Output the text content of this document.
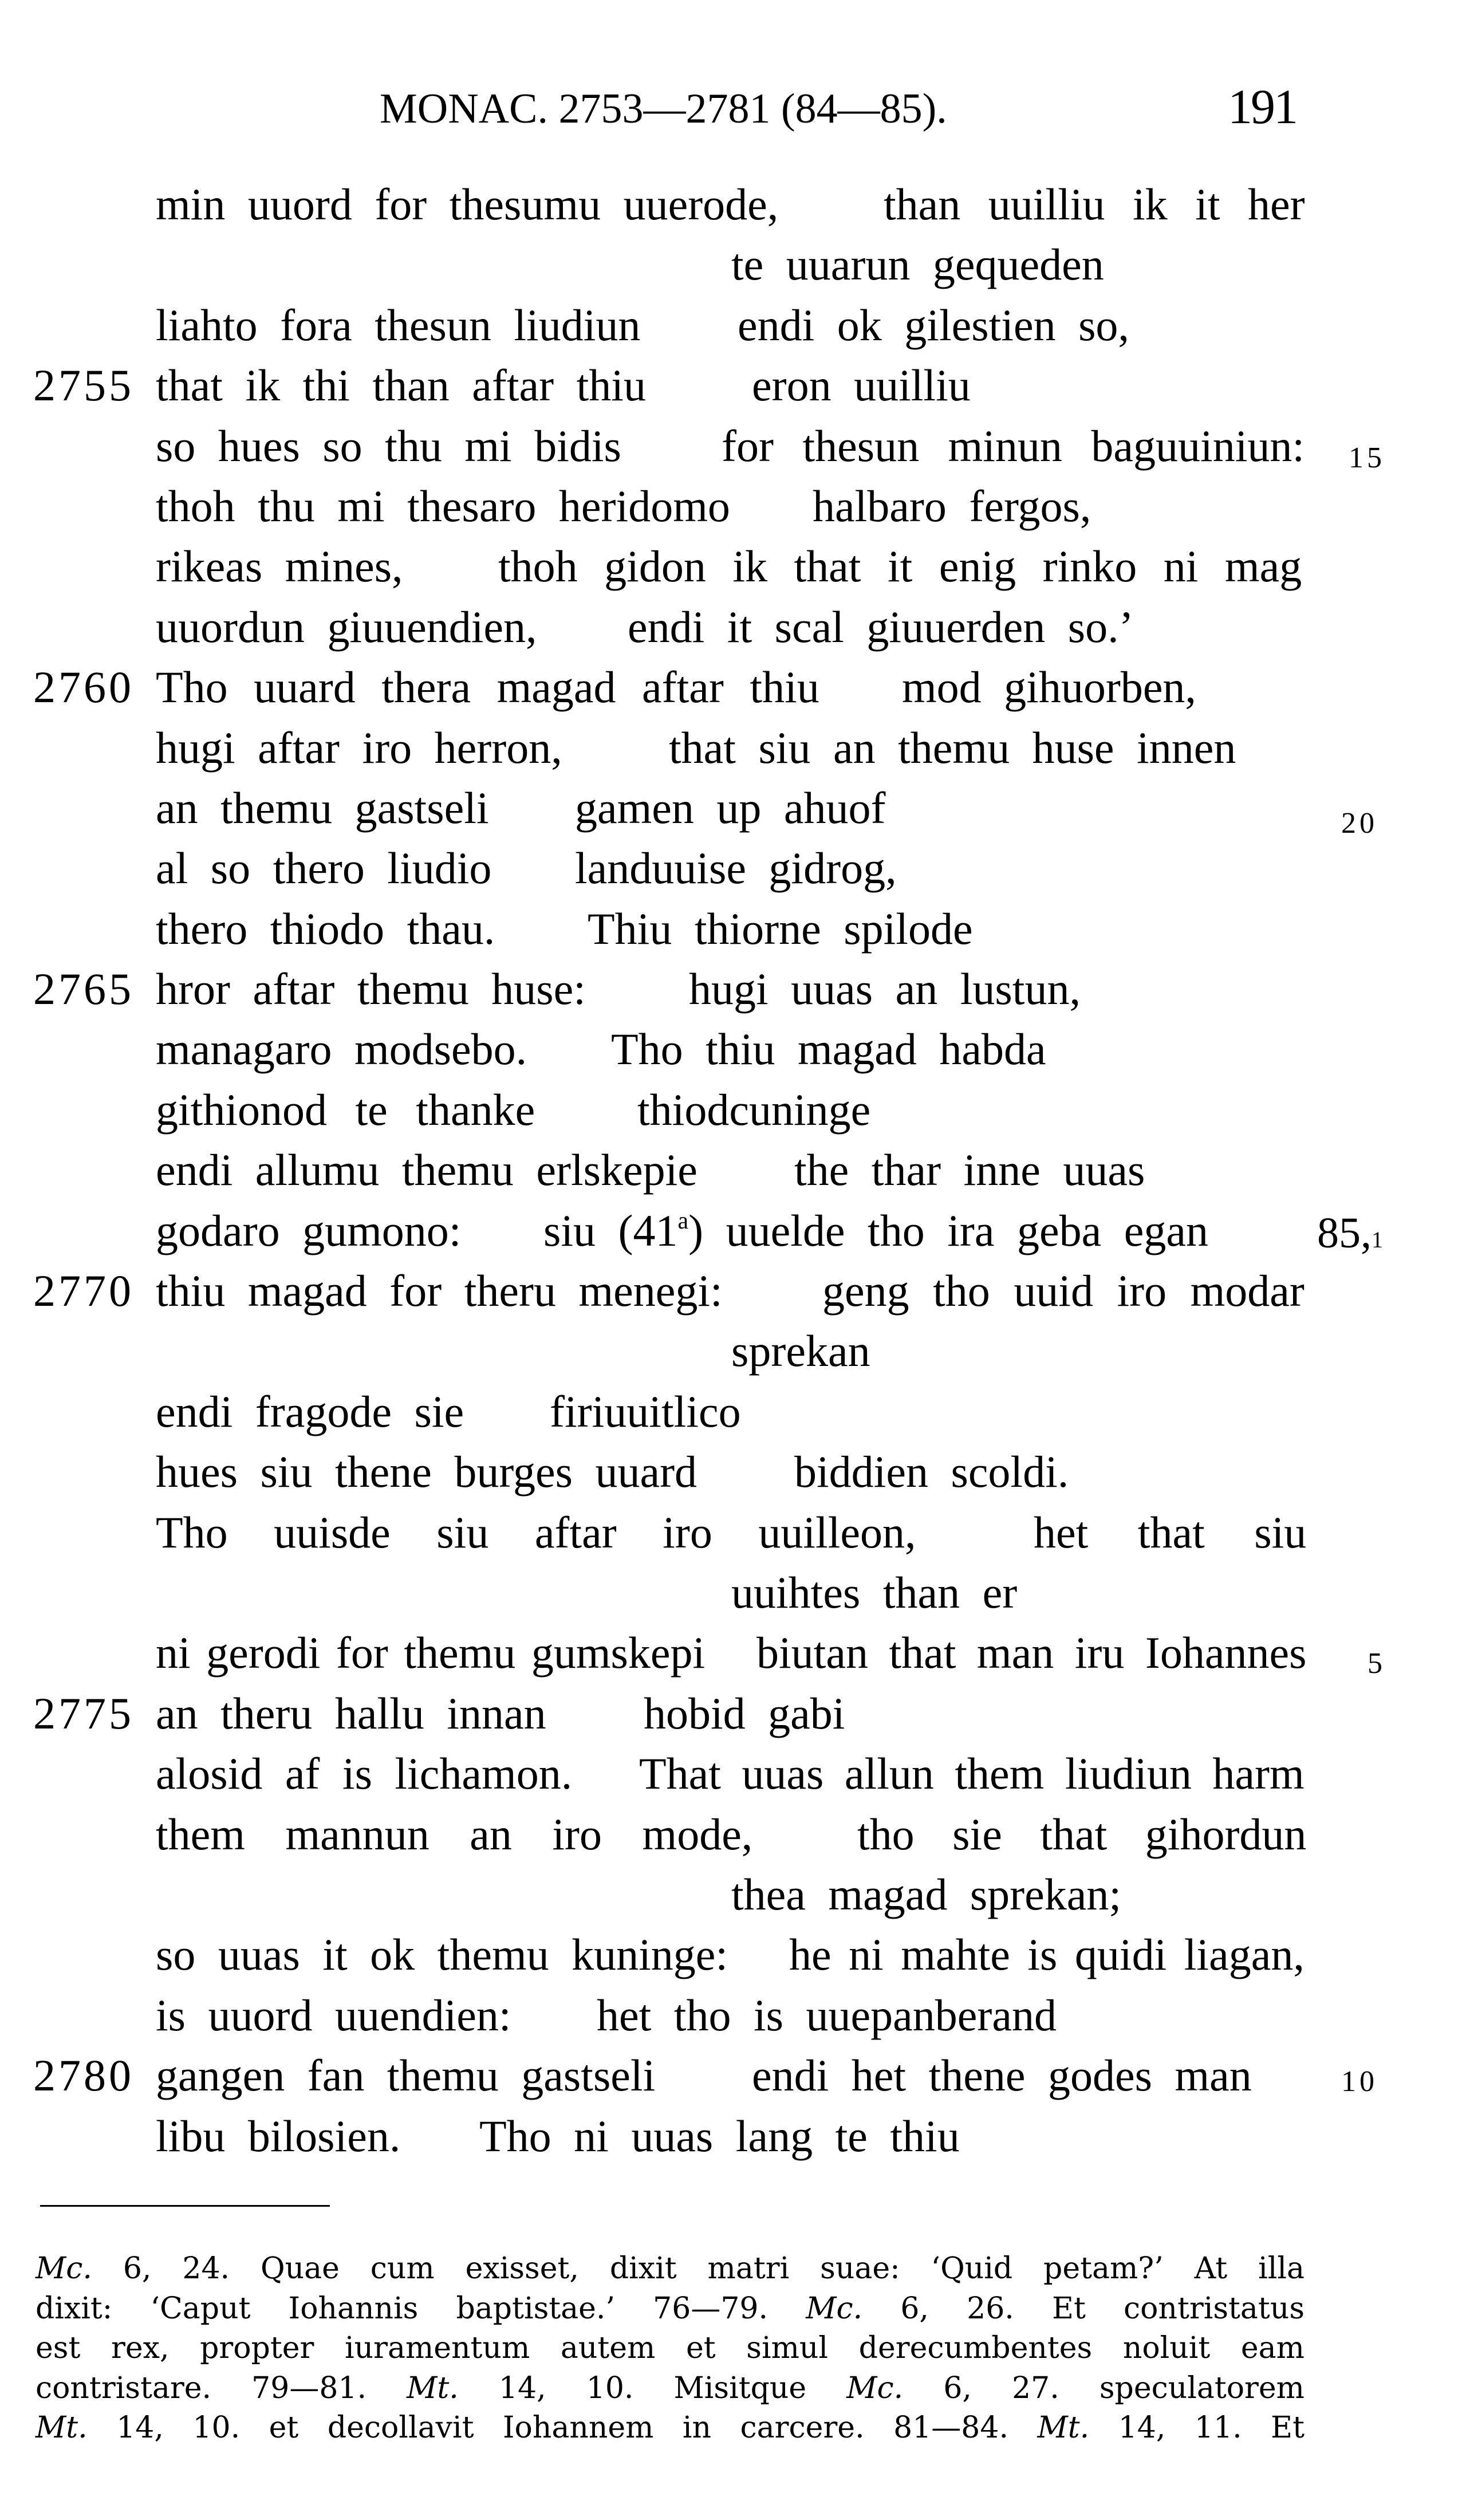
MONAC. 2753—2781 (84—85).	191
min uuord for thesumu uuerode, than uuilliu ik it her
te uuarun gequeden
liahto fora thesun liudiun endi ok gilestien so,
2755 that ik thi than aftar thiu eron uuilliu
so hues so thu mi bidis for thesun minun baguuiniun: 15
thoh thu mi thesaro heridomo halbaro fergos,
rikeas mines, thoh gidon ik that it enig rinko ni mag
uuordun giuuendien, endi it scal giuuerden so.’
2760 Tho uuard thera magad aftar thiu mod gihuorben,
hugi aftar iro herron, that siu an themu huse innen
an themu gastseli gamen up ahuof	20
al so thero liudio landuuise gidrog,
thero thiodo thau. Thiu thiorne spilode
2765 hror aftar themu huse: hugi uuas an lustun,
managaro modsebo. Tho thiu magad habda
githionod te thanke thiodcuninge
endi allumu themu erlskepie the thar inne uuas
godaro gumono: siu (41$^a$) uuelde tho ira geba egan	85,1
2770 thiu magad for theru menegi: geng tho uuid iro modar
sprekan
endi fragode sie firiuuitlico
hues siu thene burges uuard biddien scoldi.
Tho uuisde siu aftar iro uuilleon,	het that siu
uuihtes than er
ni gerodi for themu gumskepi biutan that man iru Iohannes 5
2775 an theru hallu innan hobid gabi
alosid af is lichamon. That uuas allun them liudiun harm
them mannun an iro mode, tho sie that gihordun
thea magad sprekan;
so uuas it ok themu kuninge: he ni mahte is quidi liagan,
is uuord uuendien: het tho is uuepanberand
2780 gangen fan themu gastseli endi het thene godes man	10
libu bilosien. Tho ni uuas lang te thiu
Mc. 6, 24. Quae cum exisset, dixit matri suae: ‘Quid petam?’ At illa
dixit: ‘Caput Iohannis baptistae.’ 76—79. Mc. 6, 26. Et contristatus
est rex, propter iuramentum autem et simul derecumbentes noluit eam
contristare. 79—81. Mt. 14, 10. Misitque Mc. 6, 27. speculatorem
Mt. 14, 10. et decollavit Iohannem in carcere. 81—84. Mt. 14, 11. Et
